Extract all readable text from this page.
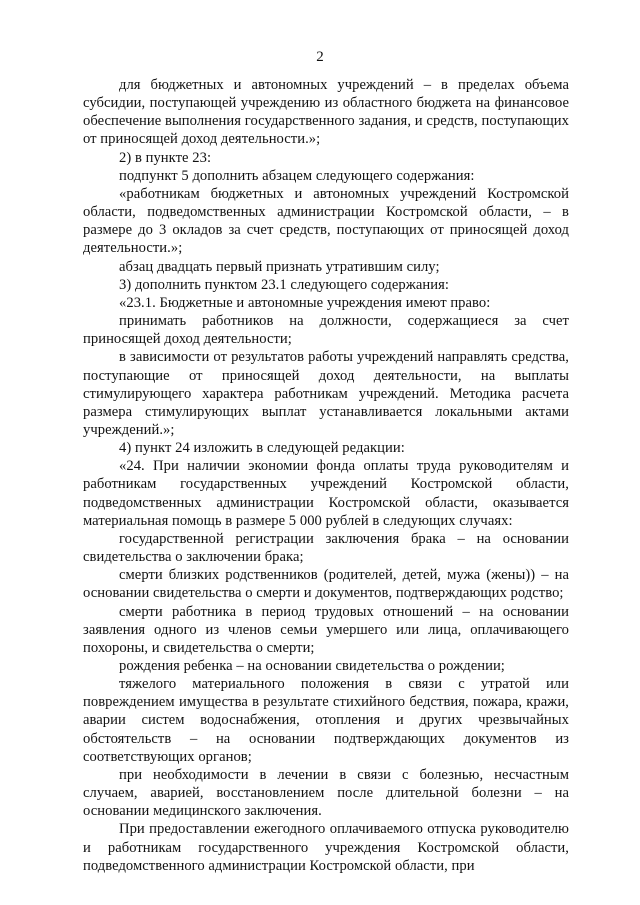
2

для бюджетных и автономных учреждений – в пределах объема субсидии, поступающей учреждению из областного бюджета на финансовое обеспечение выполнения государственного задания, и средств, поступающих от приносящей доход деятельности.»;

2) в пункте 23:

подпункт 5 дополнить абзацем следующего содержания:

«работникам бюджетных и автономных учреждений Костромской области, подведомственных администрации Костромской области, – в размере до 3 окладов за счет средств, поступающих от приносящей доход деятельности.»;

абзац двадцать первый признать утратившим силу;

3) дополнить пунктом 23.1 следующего содержания:

«23.1. Бюджетные и автономные учреждения имеют право:

принимать работников на должности, содержащиеся за счет приносящей доход деятельности;

в зависимости от результатов работы учреждений направлять средства, поступающие от приносящей доход деятельности, на выплаты стимулирующего характера работникам учреждений. Методика расчета размера стимулирующих выплат устанавливается локальными актами учреждений.»;

4) пункт 24 изложить в следующей редакции:

«24. При наличии экономии фонда оплаты труда руководителям и работникам государственных учреждений Костромской области, подведомственных администрации Костромской области, оказывается материальная помощь в размере 5 000 рублей в следующих случаях:

государственной регистрации заключения брака – на основании свидетельства о заключении брака;

смерти близких родственников (родителей, детей, мужа (жены)) – на основании свидетельства о смерти и документов, подтверждающих родство;

смерти работника в период трудовых отношений – на основании заявления одного из членов семьи умершего или лица, оплачивающего похороны, и свидетельства о смерти;

рождения ребенка – на основании свидетельства о рождении;

тяжелого материального положения в связи с утратой или повреждением имущества в результате стихийного бедствия, пожара, кражи, аварии систем водоснабжения, отопления и других чрезвычайных обстоятельств – на основании подтверждающих документов из соответствующих органов;

при необходимости в лечении в связи с болезнью, несчастным случаем, аварией, восстановлением после длительной болезни – на основании медицинского заключения.

При предоставлении ежегодного оплачиваемого отпуска руководителю и работникам государственного учреждения Костромской области, подведомственного администрации Костромской области, при
